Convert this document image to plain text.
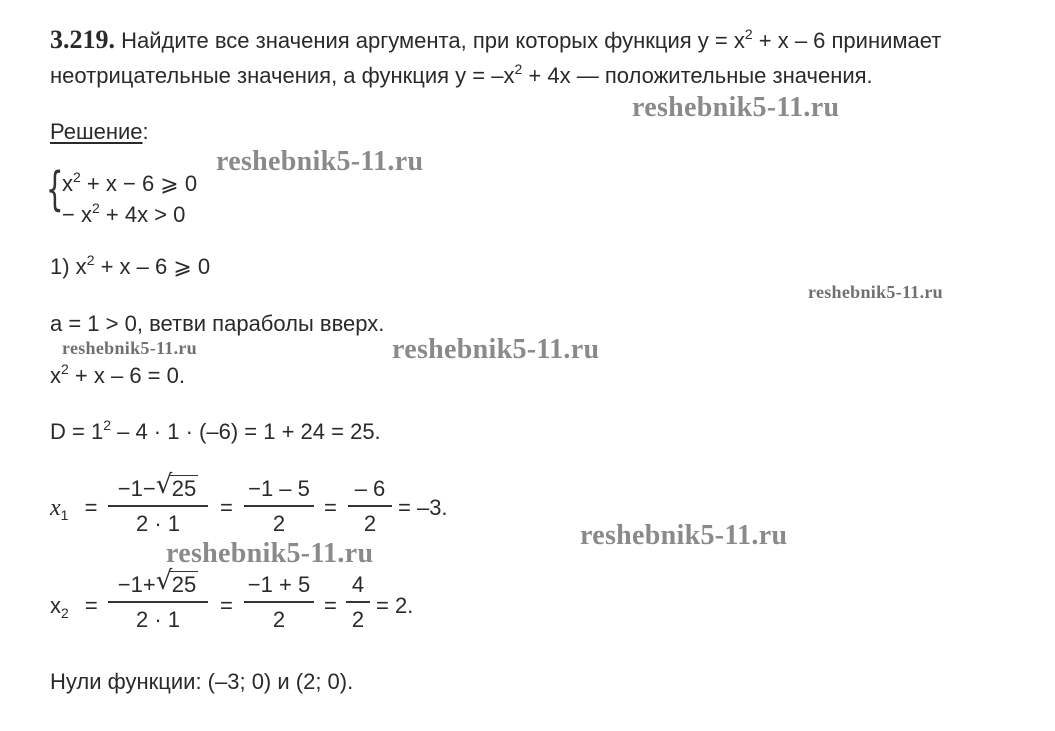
3.219. Найдите все значения аргумента, при которых функция $у = х^2 + х - 6$ принимает
неотрицательные значения, а функция $у = -х^2 + 4х$ — положительные значения.
Решение:
{
$x^2 + x - 6$ ⩾ 0
− $x^2 + 4x > 0$
1) $х^2 + х - 6$ ⩾ 0
а = 1 > 0, ветви параболы вверх.
$х^2 + х - 6 = 0$.
$D = 1^2 - 4 \cdot 1 \cdot (-6) = 1 + 24 = 25$.
$x_1$ =
−1− √ 25
2 · 1
=
−1 – 5
2
=
– 6
2
= –3.
$x_2$ =
−1+ √ 25
2 · 1
=
−1 + 5
2
=
4
2
= 2.
Нули функции: (–3; 0) и (2; 0).
reshebnik5-11.ru
reshebnik5-11.ru
reshebnik5-11.ru
reshebnik5-11.ru	reshebnik5-11.ru
reshebnik5-11.ru
reshebnik5-11.ru
